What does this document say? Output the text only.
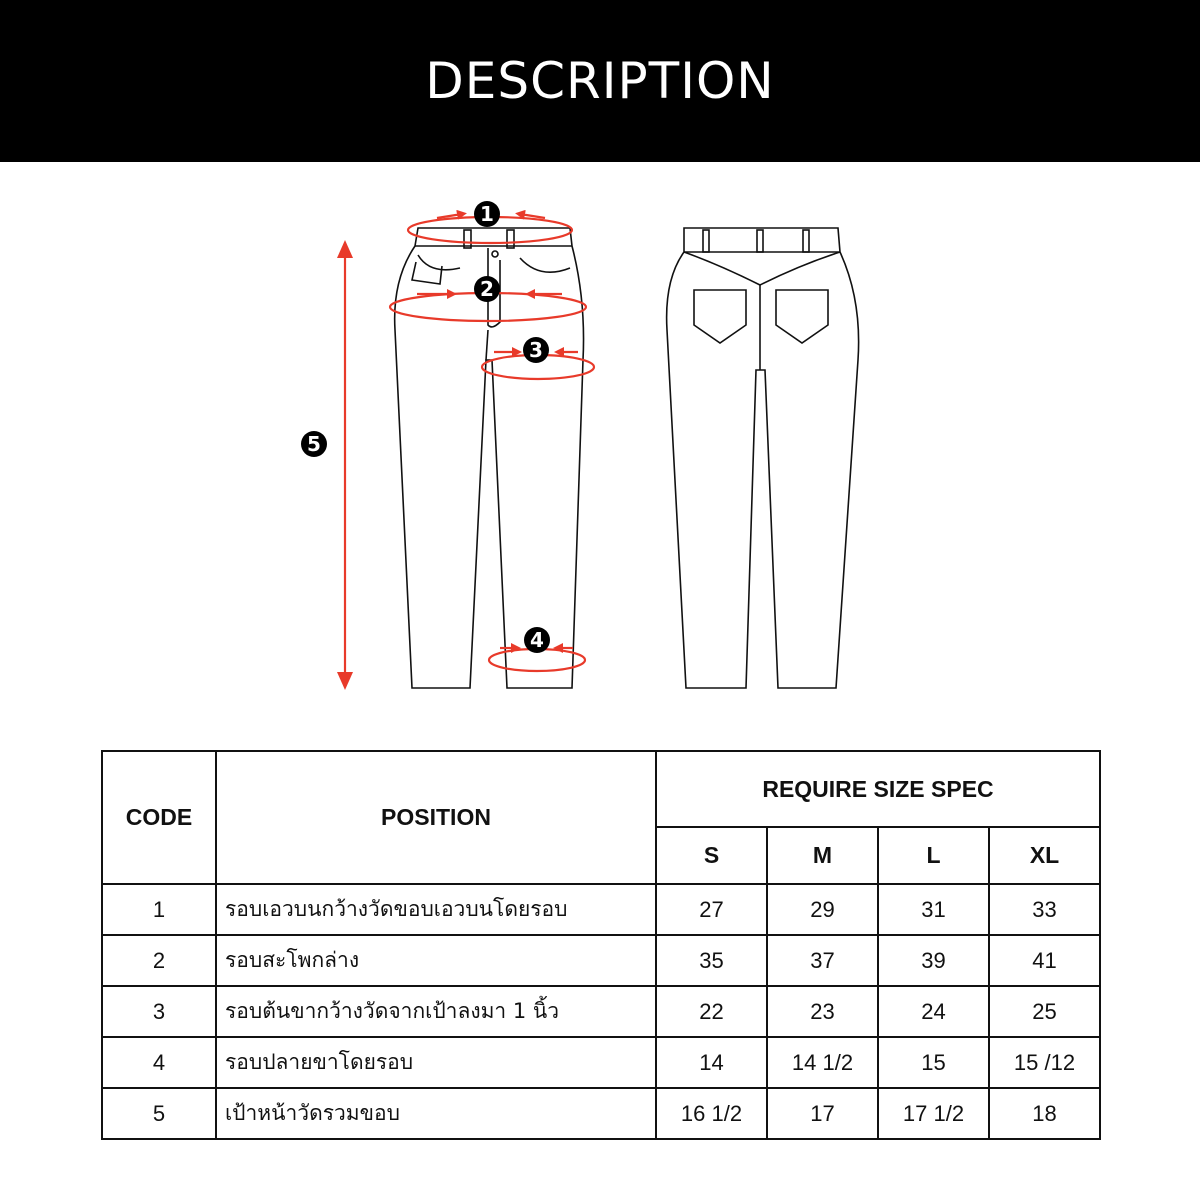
DESCRIPTION
1
2
3
4
5
CODE	POSITION	REQUIRE SIZE SPEC			
		S	M	L	XL
1	รอบเอวบนกว้างวัดขอบเอวบนโดยรอบ	27	29	31	33
2	รอบสะโพกล่าง	35	37	39	41
3	รอบต้นขากว้างวัดจากเป้าลงมา 1 นิ้ว	22	23	24	25
4	รอบปลายขาโดยรอบ	14	14 1/2	15	15 /12
5	เป้าหน้าวัดรวมขอบ	16 1/2	17	17 1/2	18
